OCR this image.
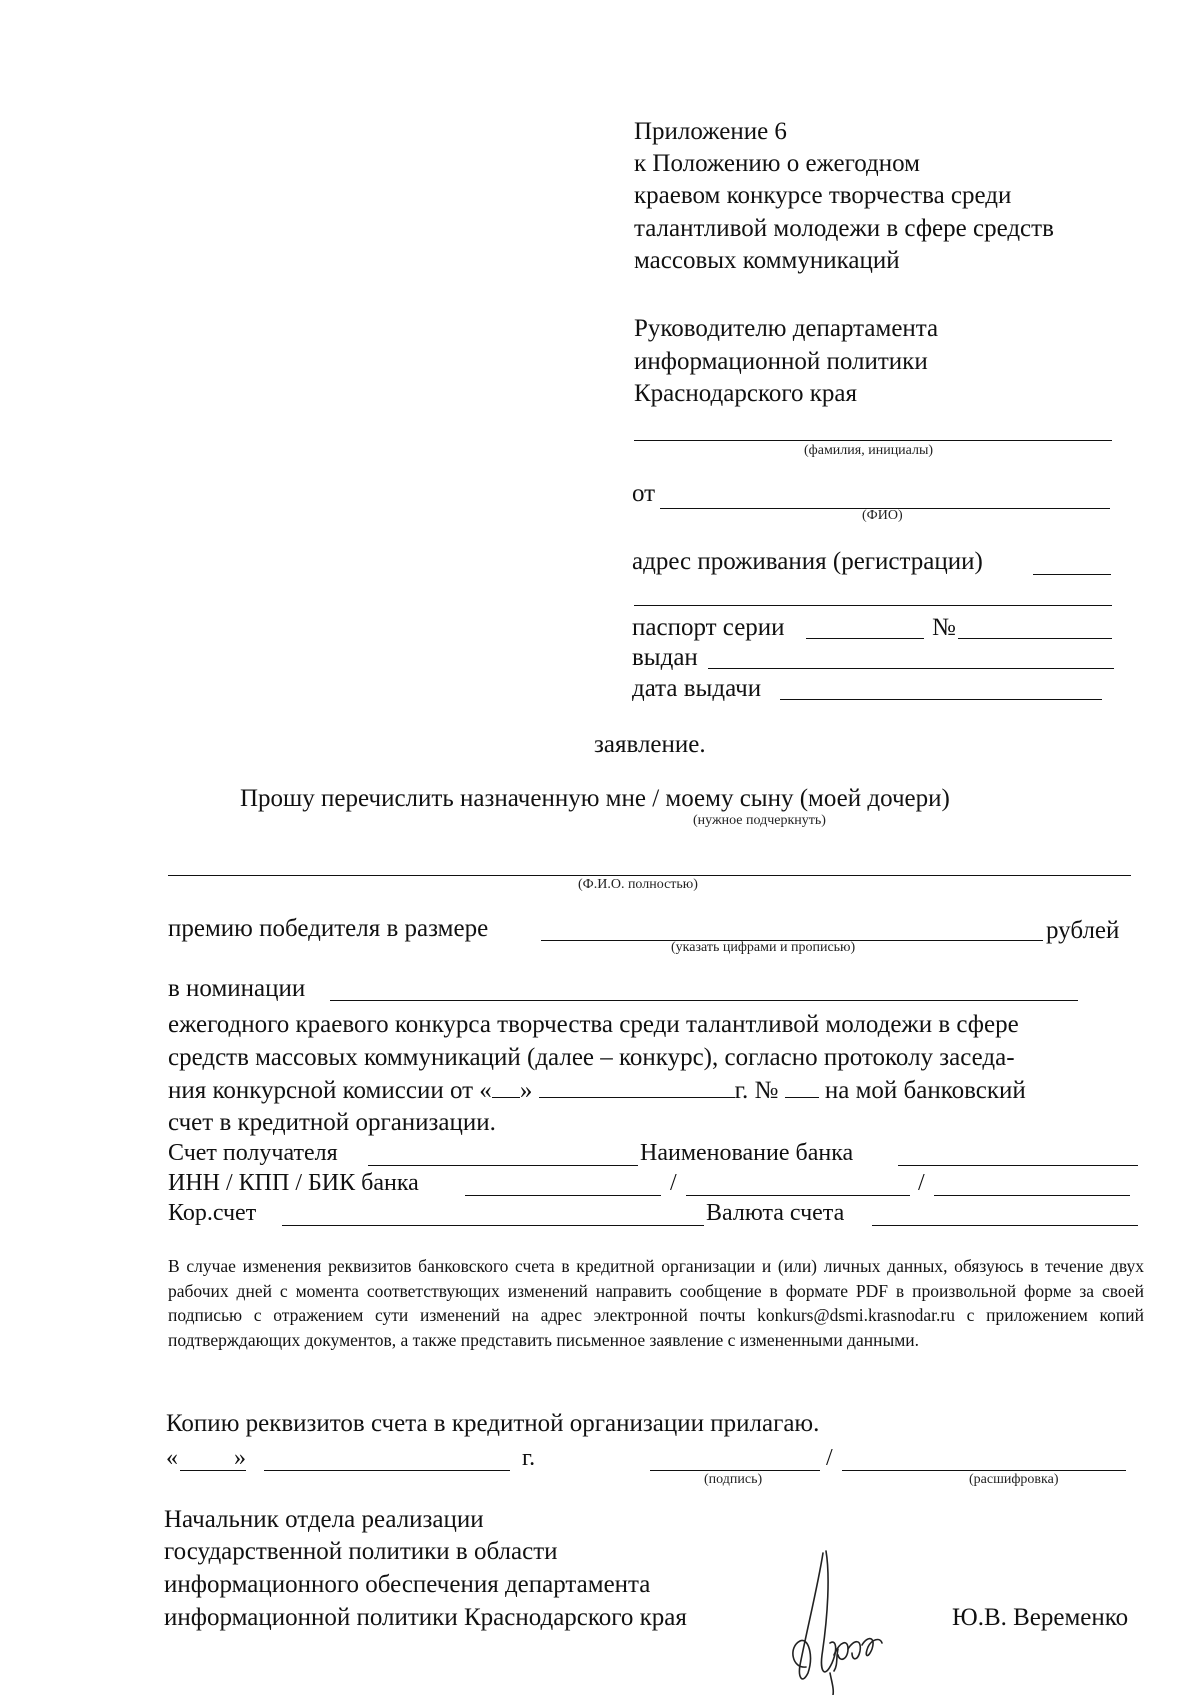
Приложение 6
к Положению о ежегодном
краевом конкурсе творчества среди
талантливой молодежи в сфере средств
массовых коммуникаций
Руководителю департамента
информационной политики
Краснодарского края
(фамилия, инициалы)
от
(ФИО)
адрес проживания (регистрации)
паспорт серии	№
выдан
дата выдачи
заявление.
Прошу перечислить назначенную мне / моему сыну (моей дочери)
(нужное подчеркнуть)
(Ф.И.О. полностью)
премию победителя в размере	рублей
(указать цифрами и прописью)
в номинации
ежегодного краевого конкурса творчества среди талантливой молодежи в сфере
средств массовых коммуникаций (далее – конкурс), согласно протоколу заседа-
ния конкурсной комиссии от « »	г. № на мой банковский
счет в кредитной организации.
Счет получателя	Наименование банка
ИНН / КПП / БИК банка	/	/
Кор.счет	Валюта счета
В случае изменения реквизитов банковского счета в кредитной организации и (или) личных данных, обязуюсь в течение двух рабочих дней с момента соответствующих изменений направить сообщение в формате PDF в произвольной форме за своей подписью с отражением сути изменений на адрес электронной почты konkurs@dsmi.krasnodar.ru с приложением копий подтверждающих документов, а также представить письменное заявление с измененными данными.
Копию реквизитов счета в кредитной организации прилагаю.
« »	г.	/
(подпись)	(расшифровка)
Начальник отдела реализации
государственной политики в области
информационного обеспечения департамента
информационной политики Краснодарского края	Ю.В. Веременко
